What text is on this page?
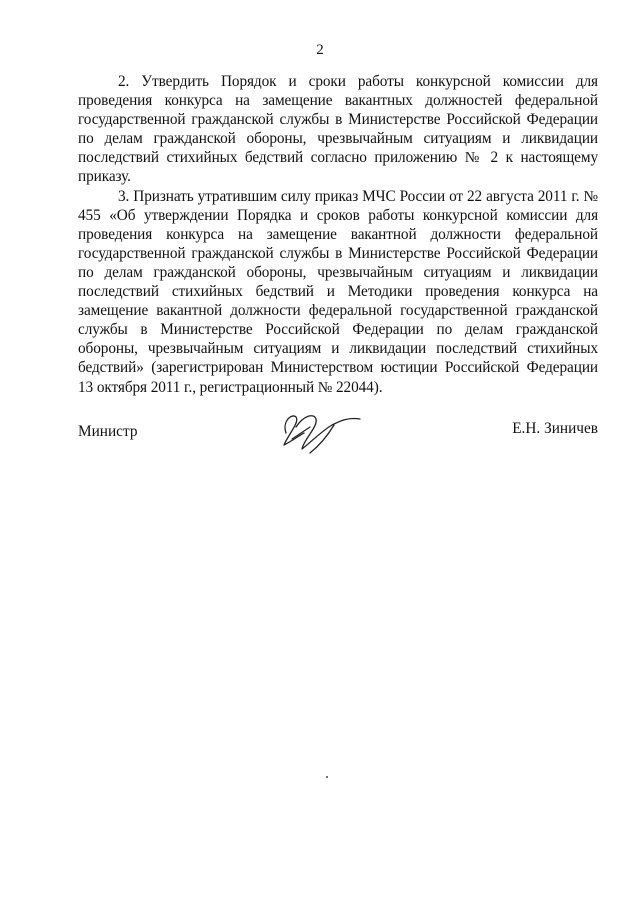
2

2. Утвердить Порядок и сроки работы конкурсной комиссии для проведения конкурса на замещение вакантных должностей федеральной государственной гражданской службы в Министерстве Российской Федерации по делам гражданской обороны, чрезвычайным ситуациям и ликвидации последствий стихийных бедствий согласно приложению № 2 к настоящему приказу.

3. Признать утратившим силу приказ МЧС России от 22 августа 2011 г. № 455 «Об утверждении Порядка и сроков работы конкурсной комиссии для проведения конкурса на замещение вакантной должности федеральной государственной гражданской службы в Министерстве Российской Федерации по делам гражданской обороны, чрезвычайным ситуациям и ликвидации последствий стихийных бедствий и Методики проведения конкурса на замещение вакантной должности федеральной государственной гражданской службы в Министерстве Российской Федерации по делам гражданской обороны, чрезвычайным ситуациям и ликвидации последствий стихийных бедствий» (зарегистрирован Министерством юстиции Российской Федерации 13 октября 2011 г., регистрационный № 22044).

Министр	Е.Н. Зиничев
